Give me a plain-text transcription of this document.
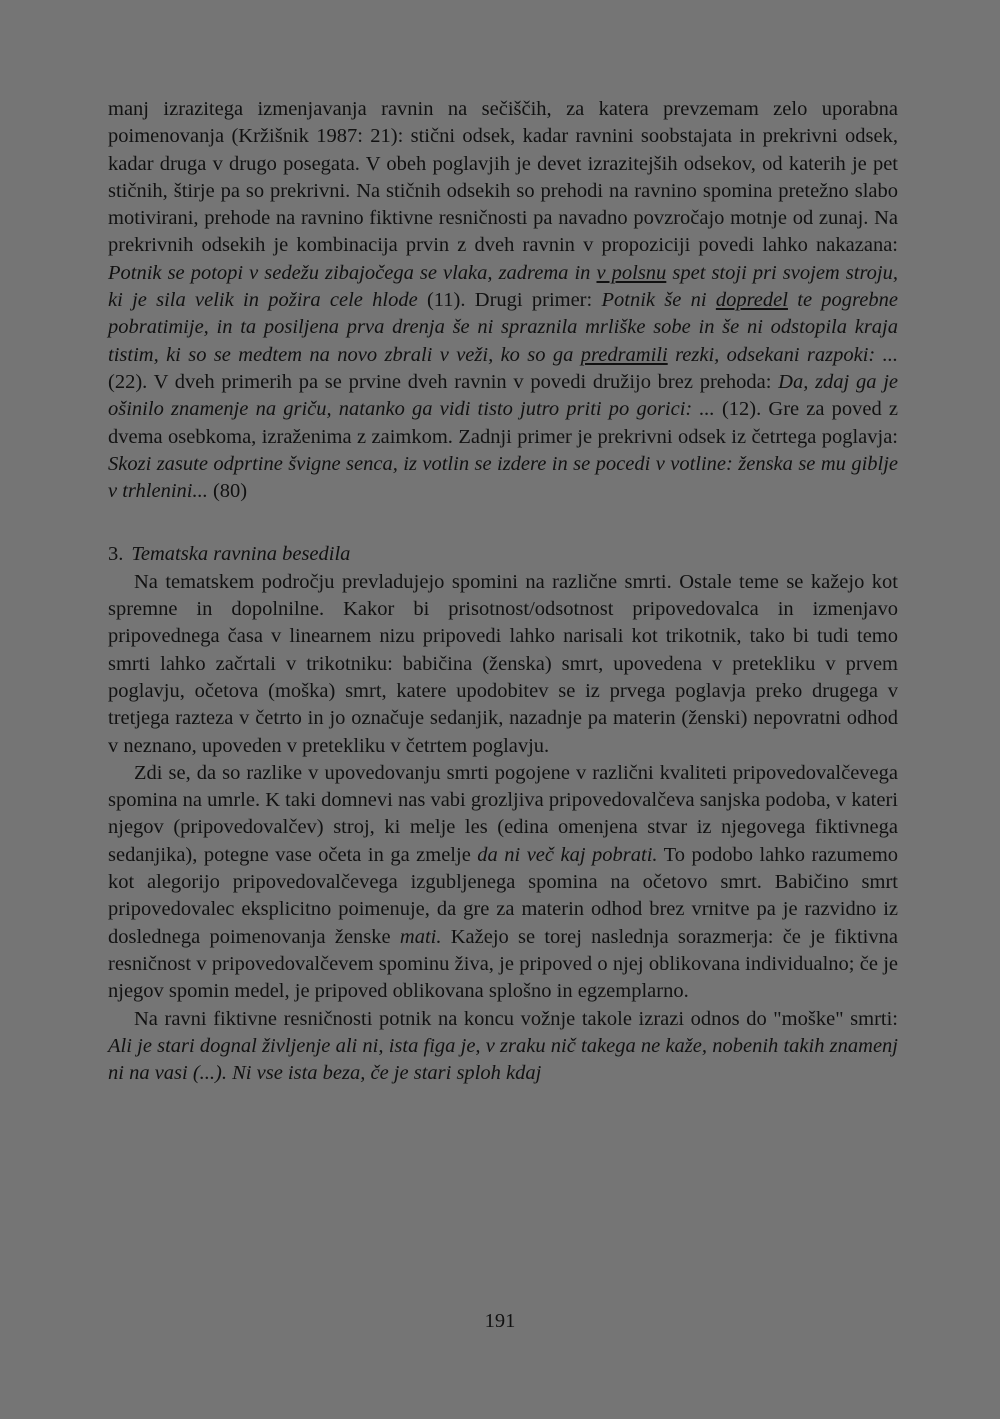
manj izrazitega izmenjavanja ravnin na sečiščih, za katera prevzemam zelo uporabna poimenovanja (Kržišnik 1987: 21): stični odsek, kadar ravnini soobstajata in prekrivni odsek, kadar druga v drugo posegata. V obeh poglavjih je devet izrazitejših odsekov, od katerih je pet stičnih, štirje pa so prekrivni. Na stičnih odsekih so prehodi na ravnino spomina pretežno slabo motivirani, prehode na ravnino fiktivne resničnosti pa navadno povzročajo motnje od zunaj. Na prekrivnih odsekih je kombinacija prvin z dveh ravnin v propoziciji povedi lahko nakazana: Potnik se potopi v sedežu zibajočega se vlaka, zadrema in v polsnu spet stoji pri svojem stroju, ki je sila velik in požira cele hlode (11). Drugi primer: Potnik še ni dopredel te pogrebne pobratimije, in ta posiljena prva drenja še ni spraznila mrliške sobe in še ni odstopila kraja tistim, ki so se medtem na novo zbrali v veži, ko so ga predramili rezki, odsekani razpoki: ... (22). V dveh primerih pa se prvine dveh ravnin v povedi družijo brez prehoda: Da, zdaj ga je ošinilo znamenje na griču, natanko ga vidi tisto jutro priti po gorici: ... (12). Gre za poved z dvema osebkoma, izraženima z zaimkom. Zadnji primer je prekrivni odsek iz četrtega poglavja: Skozi zasute odprtine švigne senca, iz votlin se izdere in se pocedi v votline: ženska se mu giblje v trhlenini... (80)

3. Tematska ravnina besedila

Na tematskem področju prevladujejo spomini na različne smrti. Ostale teme se kažejo kot spremne in dopolnilne. Kakor bi prisotnost/odsotnost pripovedovalca in izmenjavo pripovednega časa v linearnem nizu pripovedi lahko narisali kot trikotnik, tako bi tudi temo smrti lahko začrtali v trikotniku: babičina (ženska) smrt, upovedena v pretekliku v prvem poglavju, očetova (moška) smrt, katere upodobitev se iz prvega poglavja preko drugega v tretjega razteza v četrto in jo označuje sedanjik, nazadnje pa materin (ženski) nepovratni odhod v neznano, upoveden v pretekliku v četrtem poglavju.

Zdi se, da so razlike v upovedovanju smrti pogojene v različni kvaliteti pripovedovalčevega spomina na umrle. K taki domnevi nas vabi grozljiva pripovedovalčeva sanjska podoba, v kateri njegov (pripovedovalčev) stroj, ki melje les (edina omenjena stvar iz njegovega fiktivnega sedanjika), potegne vase očeta in ga zmelje da ni več kaj pobrati. To podobo lahko razumemo kot alegorijo pripovedovalčevega izgubljenega spomina na očetovo smrt. Babičino smrt pripovedovalec eksplicitno poimenuje, da gre za materin odhod brez vrnitve pa je razvidno iz doslednega poimenovanja ženske mati. Kažejo se torej naslednja sorazmerja: če je fiktivna resničnost v pripovedovalčevem spominu živa, je pripoved o njej oblikovana individualno; če je njegov spomin medel, je pripoved oblikovana splošno in egzemplarno.

Na ravni fiktivne resničnosti potnik na koncu vožnje takole izrazi odnos do "moške" smrti: Ali je stari dognal življenje ali ni, ista figa je, v zraku nič takega ne kaže, nobenih takih znamenj ni na vasi (...). Ni vse ista beza, če je stari sploh kdaj

191
